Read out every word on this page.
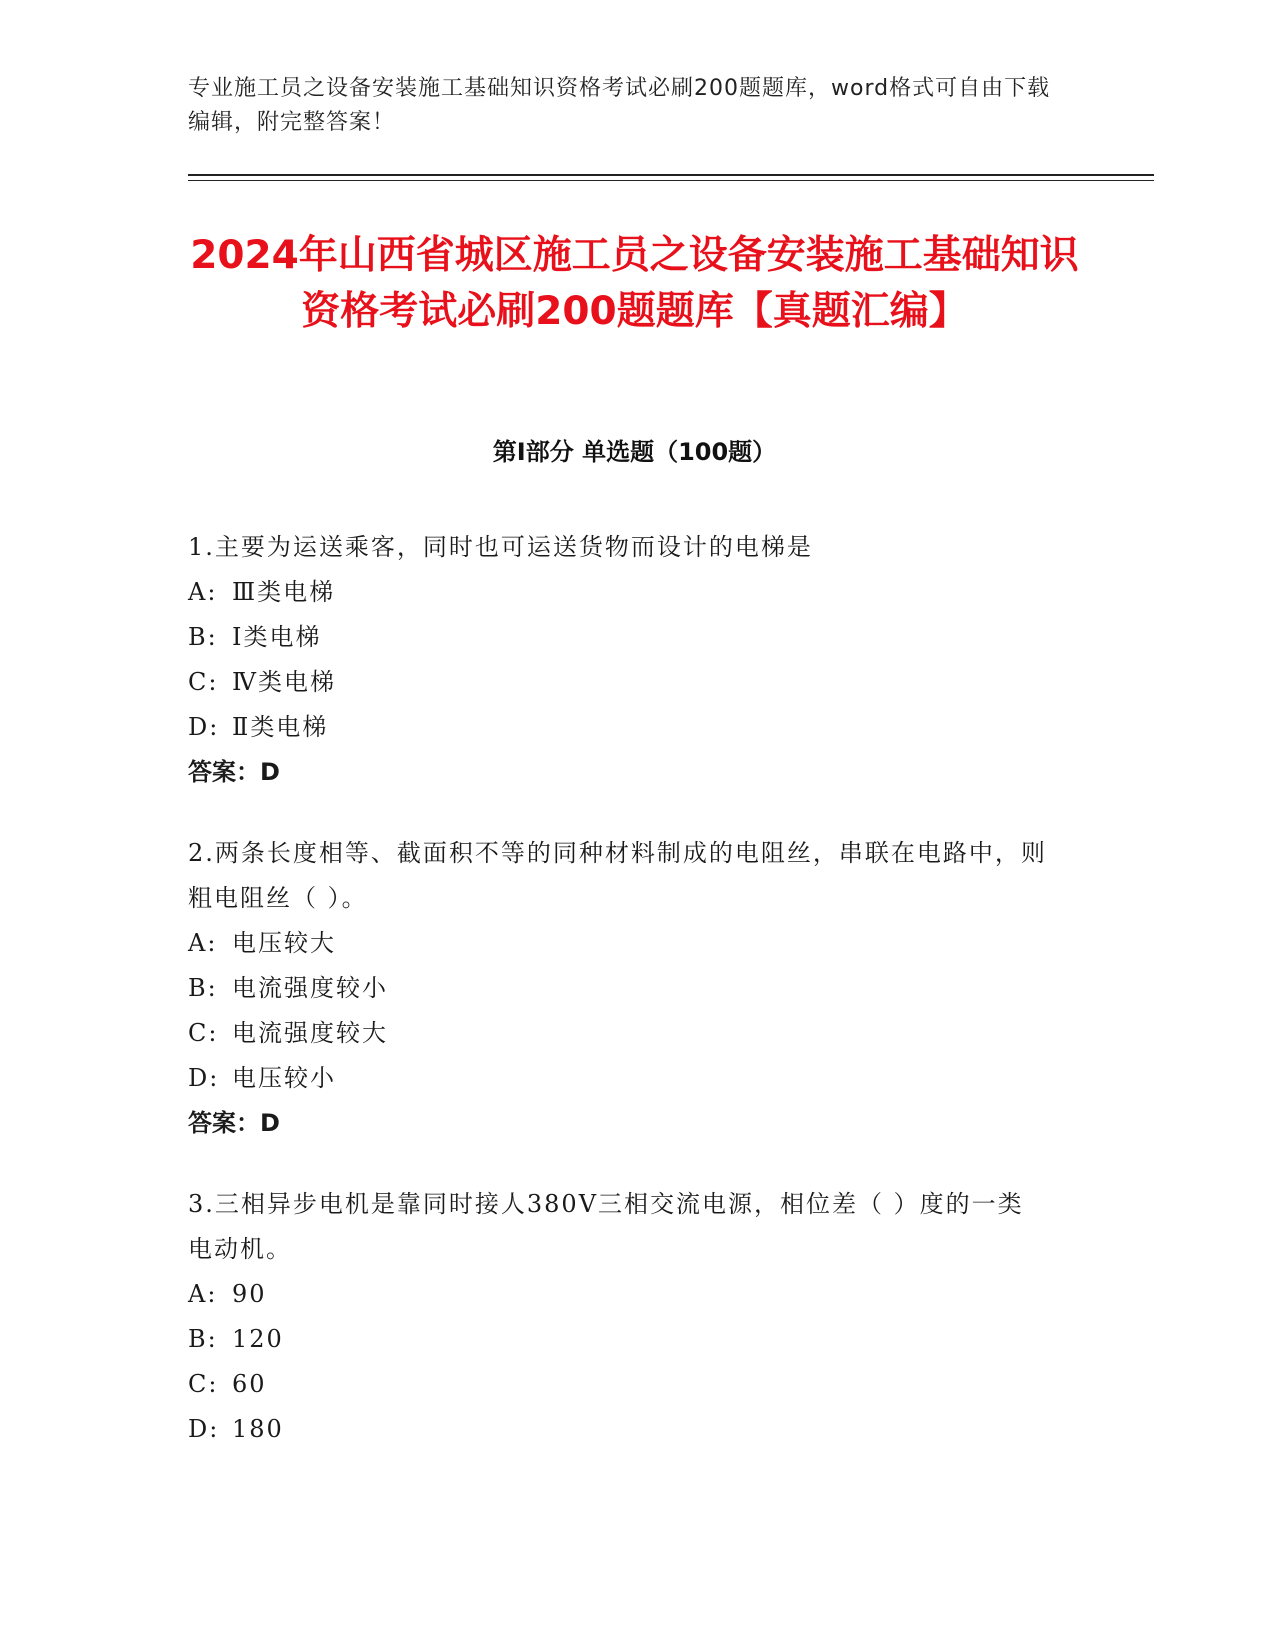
专业施工员之设备安装施工基础知识资格考试必刷200题题库，word格式可自由下载编辑，附完整答案！
2024年山西省城区施工员之设备安装施工基础知识资格考试必刷200题题库【真题汇编】
第I部分 单选题（100题）

1.主要为运送乘客，同时也可运送货物而设计的电梯是

A: Ⅲ类电梯

B: Ⅰ类电梯

C: Ⅳ类电梯

D: Ⅱ类电梯

答案：D

2.两条长度相等、截面积不等的同种材料制成的电阻丝，串联在电路中，则粗电阻丝（ ）。

A: 电压较大

B: 电流强度较小

C: 电流强度较大

D: 电压较小

答案：D

3.三相异步电机是靠同时接人380V三相交流电源，相位差（ ）度的一类电动机。

A: 90

B: 120

C: 60

D: 180
